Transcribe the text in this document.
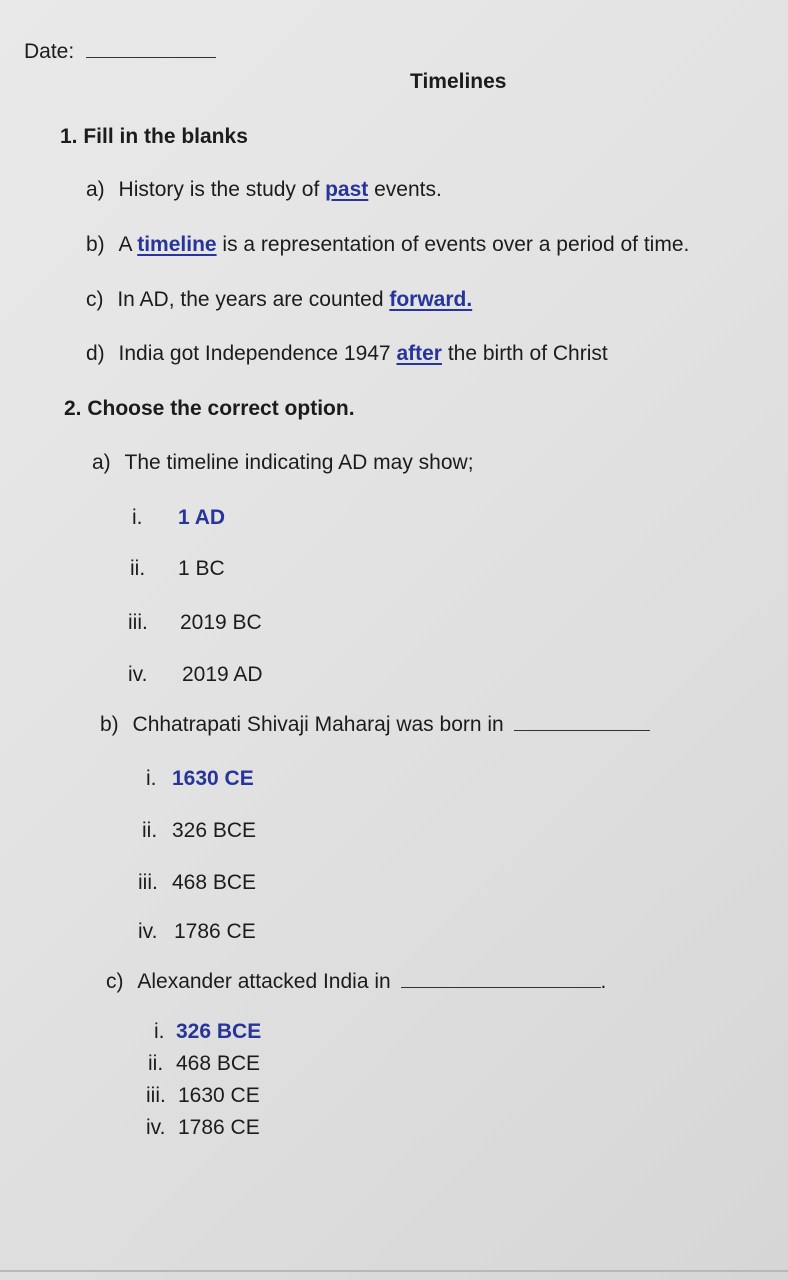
Date:
Timelines
1. Fill in the blanks
a) History is the study of past events.
b) A timeline is a representation of events over a period of time.
c) In AD, the years are counted forward.
d) India got Independence 1947 after the birth of Christ
2. Choose the correct option.
a) The timeline indicating AD may show;
i. 1 AD
ii. 1 BC
iii. 2019 BC
iv. 2019 AD
b) Chhatrapati Shivaji Maharaj was born in
i. 1630 CE
ii. 326 BCE
iii. 468 BCE
iv. 1786 CE
c) Alexander attacked India in	.
i. 326 BCE
ii. 468 BCE
iii. 1630 CE
iv. 1786 CE
